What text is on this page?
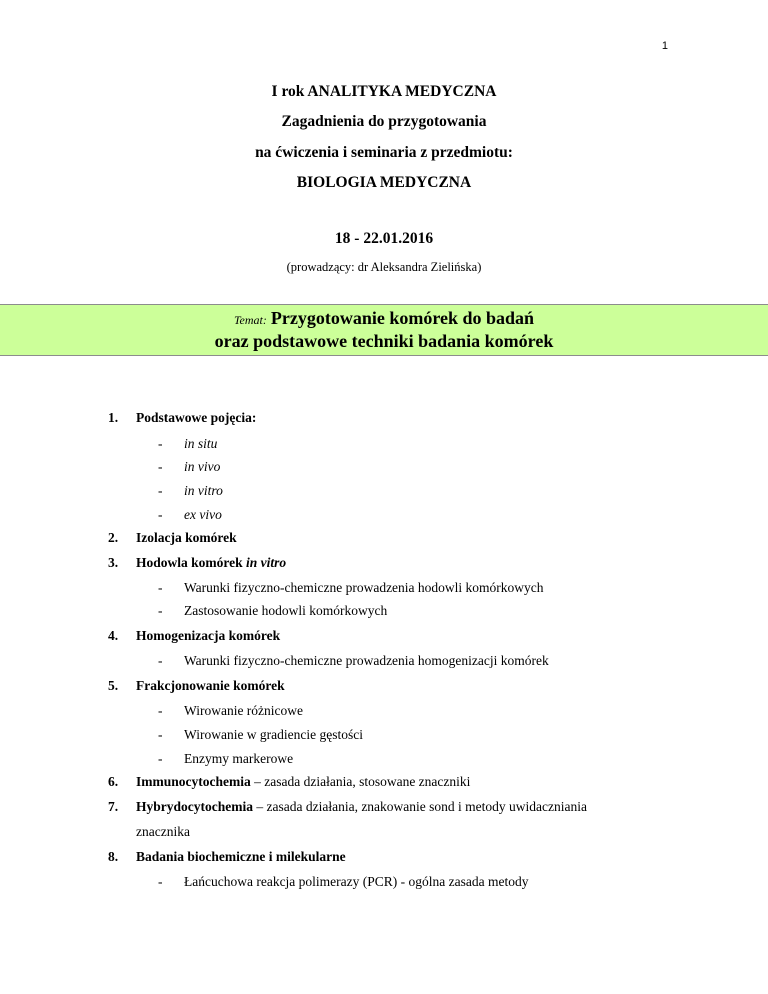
1
I rok ANALITYKA MEDYCZNA
Zagadnienia do przygotowania
na ćwiczenia i seminaria z przedmiotu:
BIOLOGIA MEDYCZNA
18 - 22.01.2016
(prowadzący: dr Aleksandra Zielińska)
Temat: Przygotowanie komórek do badań
oraz podstawowe techniki badania komórek
1. Podstawowe pojęcia:
- in situ
- in vivo
- in vitro
- ex vivo
2. Izolacja komórek
3. Hodowla komórek in vitro
- Warunki fizyczno-chemiczne prowadzenia hodowli komórkowych
- Zastosowanie hodowli komórkowych
4. Homogenizacja komórek
- Warunki fizyczno-chemiczne prowadzenia homogenizacji komórek
5. Frakcjonowanie komórek
- Wirowanie różnicowe
- Wirowanie w gradiencie gęstości
- Enzymy markerowe
6. Immunocytochemia – zasada działania, stosowane znaczniki
7. Hybrydocytochemia – zasada działania, znakowanie sond i metody uwidaczniania
znacznika
8. Badania biochemiczne i milekularne
- Łańcuchowa reakcja polimerazy (PCR) - ogólna zasada metody
